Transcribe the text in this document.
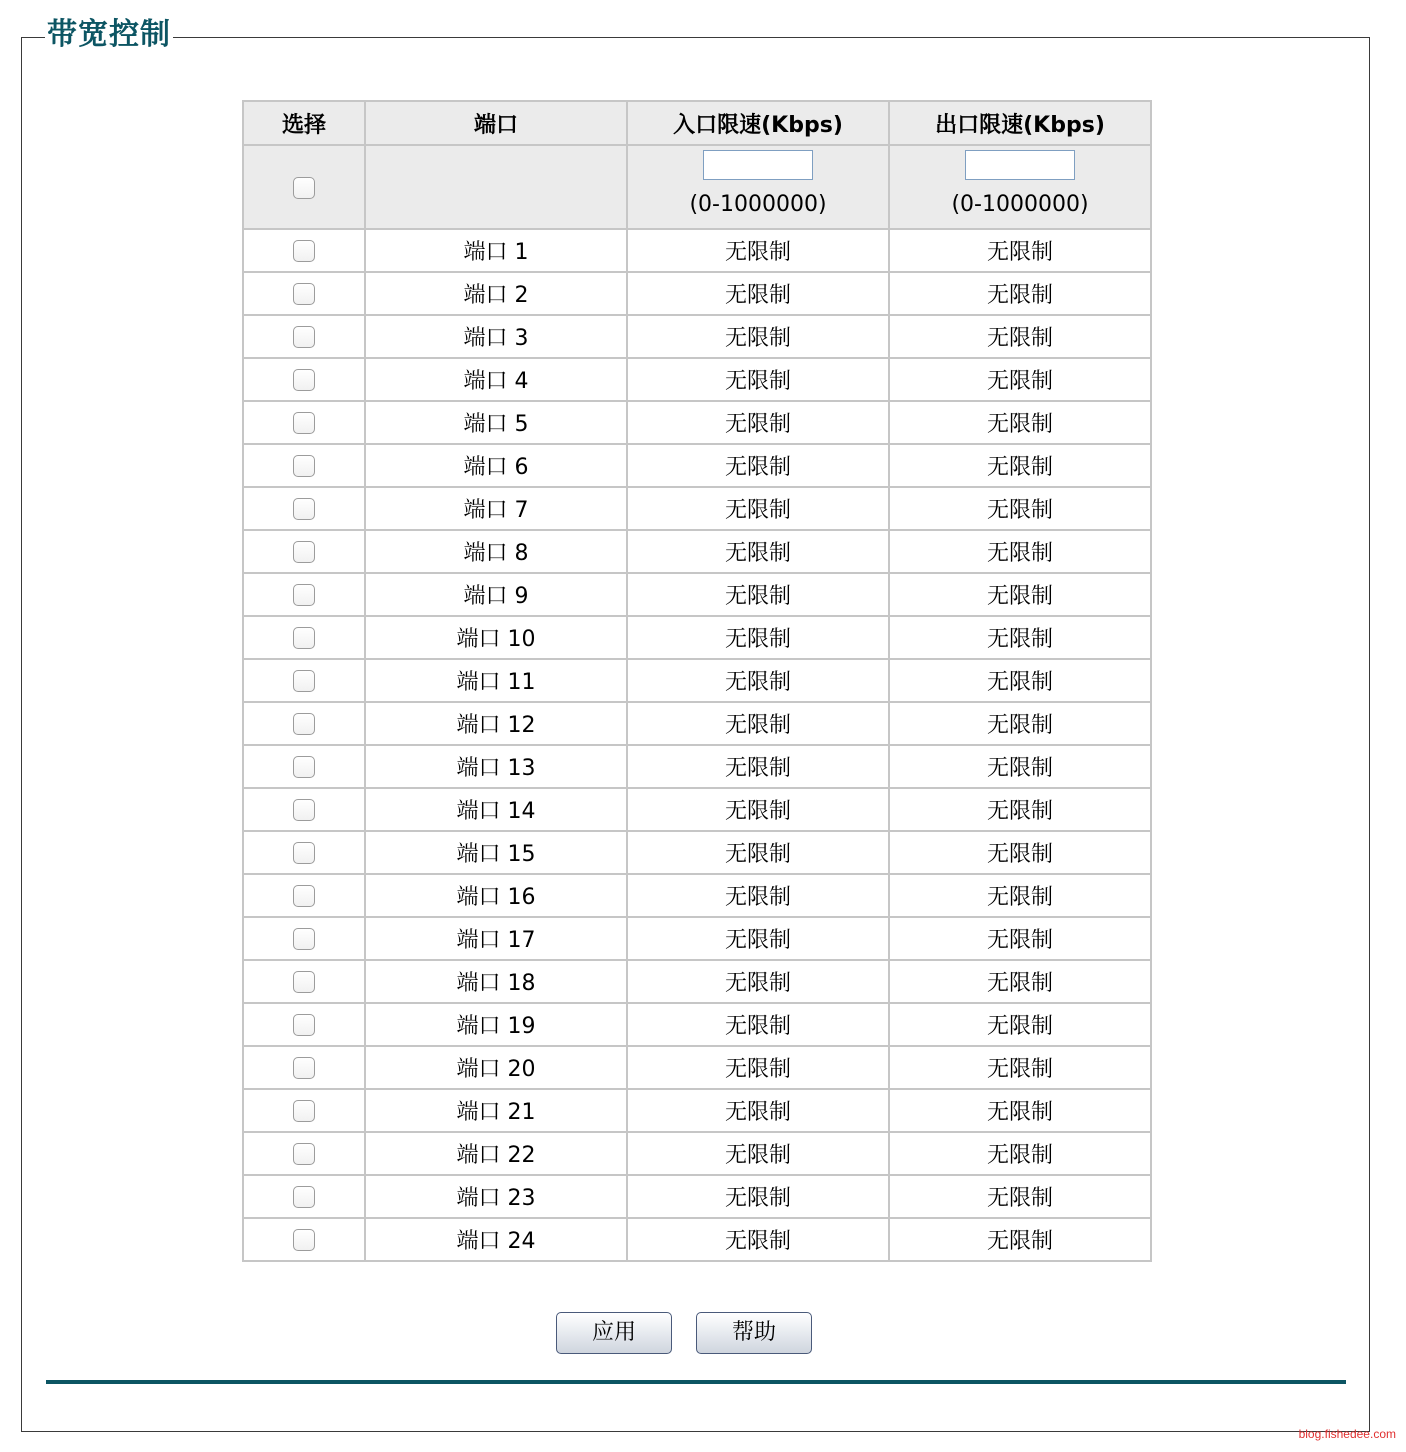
带宽控制
选择	端口	入口限速(Kbps)	出口限速(Kbps)

		(0-1000000)	(0-1000000)

	端口 1	无限制	无限制
	端口 2	无限制	无限制
	端口 3	无限制	无限制
	端口 4	无限制	无限制
	端口 5	无限制	无限制
	端口 6	无限制	无限制
	端口 7	无限制	无限制
	端口 8	无限制	无限制
	端口 9	无限制	无限制
	端口 10	无限制	无限制
	端口 11	无限制	无限制
	端口 12	无限制	无限制
	端口 13	无限制	无限制
	端口 14	无限制	无限制
	端口 15	无限制	无限制
	端口 16	无限制	无限制
	端口 17	无限制	无限制
	端口 18	无限制	无限制
	端口 19	无限制	无限制
	端口 20	无限制	无限制
	端口 21	无限制	无限制
	端口 22	无限制	无限制
	端口 23	无限制	无限制
	端口 24	无限制	无限制
应用	帮助
blog.fishedee.com
